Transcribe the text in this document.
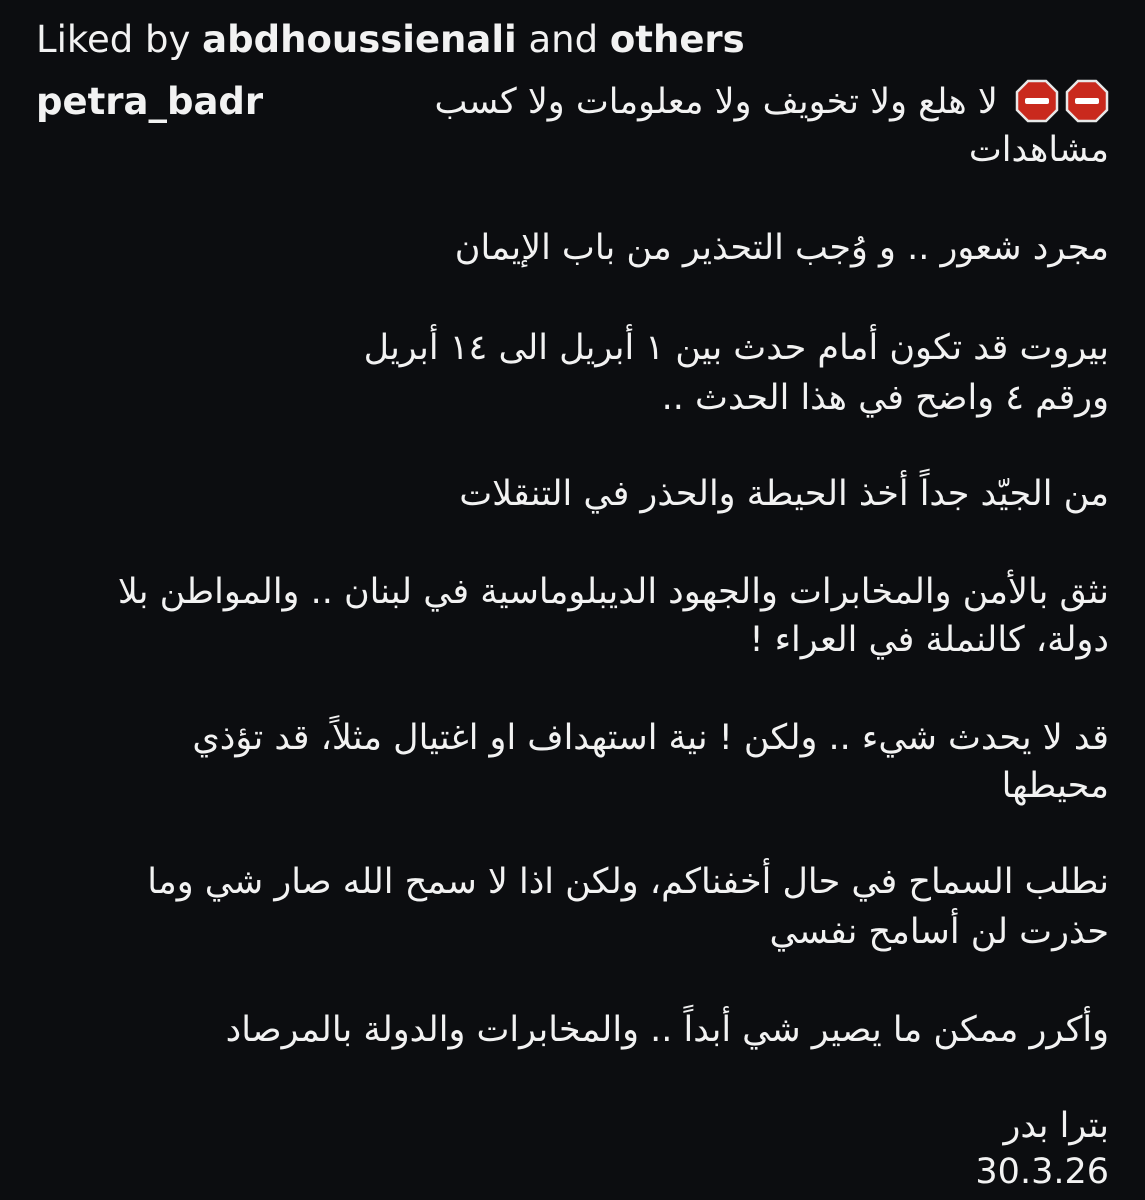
Liked by abdhoussienali and others
petra_badr	لا هلع ولا تخويف ولا معلومات ولا كسب
مشاهدات
مجرد شعور .. و وُجب التحذير من باب الإيمان
بيروت قد تكون أمام حدث بين ١ أبريل الى ١٤ أبريل
ورقم ٤ واضح في هذا الحدث ..
من الجيّد جداً أخذ الحيطة والحذر في التنقلات
نثق بالأمن والمخابرات والجهود الديبلوماسية في لبنان .. والمواطن بلا
دولة، كالنملة في العراء !
قد لا يحدث شيء .. ولكن ! نية استهداف او اغتيال مثلاً، قد تؤذي
محيطها
نطلب السماح في حال أخفناكم، ولكن اذا لا سمح الله صار شي وما
حذرت لن أسامح نفسي
وأكرر ممكن ما يصير شي أبداً .. والمخابرات والدولة بالمرصاد
بترا بدر
30.3.26
